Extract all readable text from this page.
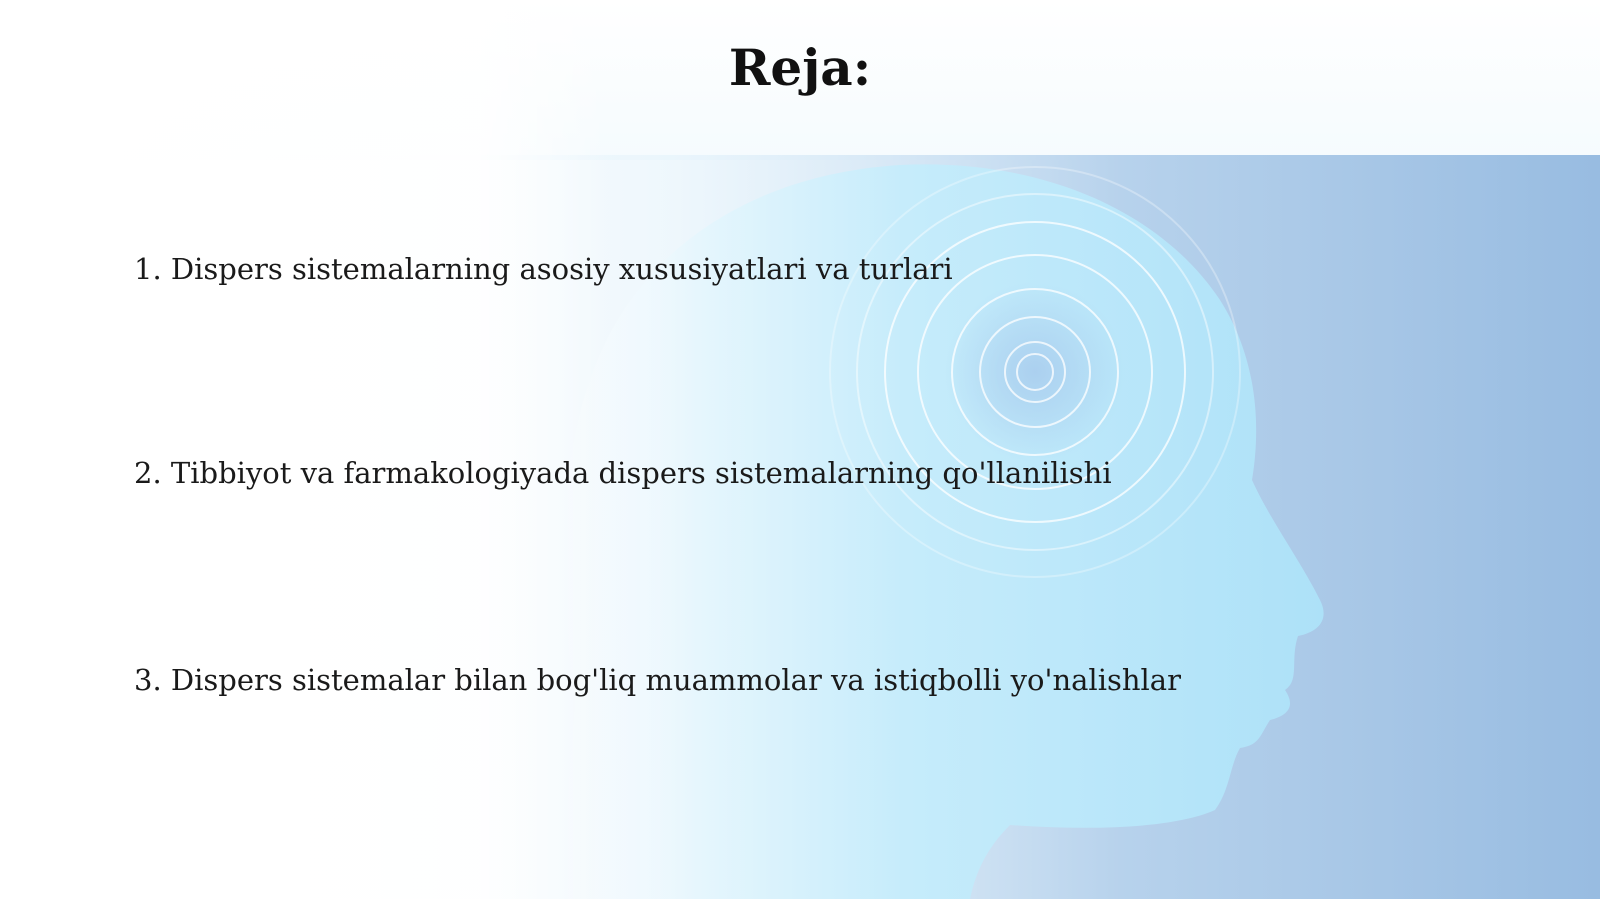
Reja:
1. Dispers sistemalarning asosiy xususiyatlari va turlari
2. Tibbiyot va farmakologiyada dispers sistemalarning qo'llanilishi
3. Dispers sistemalar bilan bog'liq muammolar va istiqbolli yo'nalishlar
